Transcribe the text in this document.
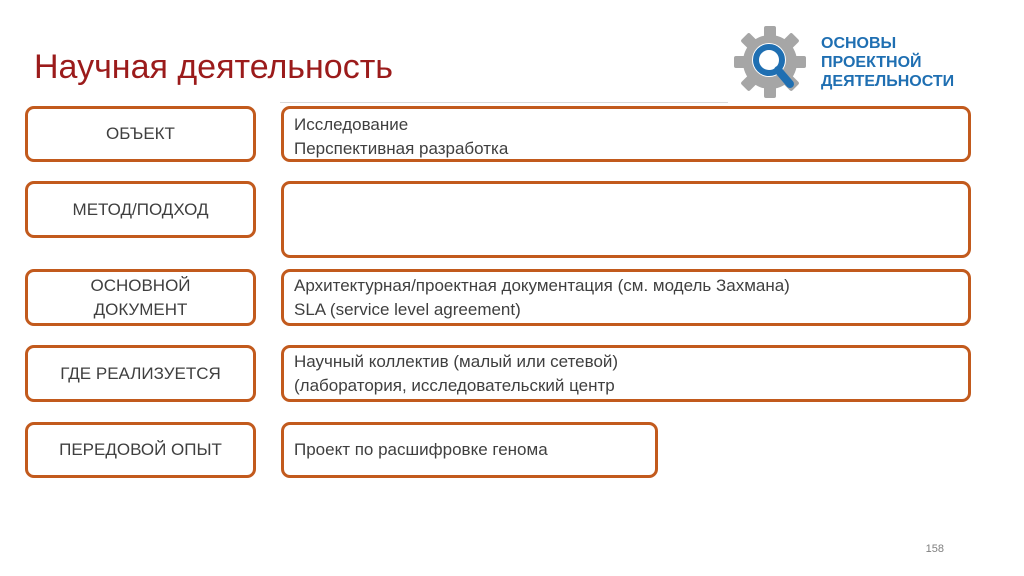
Научная деятельность
ОСНОВЫ
ПРОЕКТНОЙ
ДЕЯТЕЛЬНОСТИ
ОБЪЕКТ	Исследование
Перспективная разработка
МЕТОД/ПОДХОД
ОСНОВНОЙ
ДОКУМЕНТ
Архитектурная/проектная документация (см. модель Захмана)
SLA (service level agreement)
ГДЕ РЕАЛИЗУЕТСЯ
Научный коллектив (малый или сетевой)
(лаборатория, исследовательский центр
ПЕРЕДОВОЙ ОПЫТ	Проект по расшифровке генома
158
